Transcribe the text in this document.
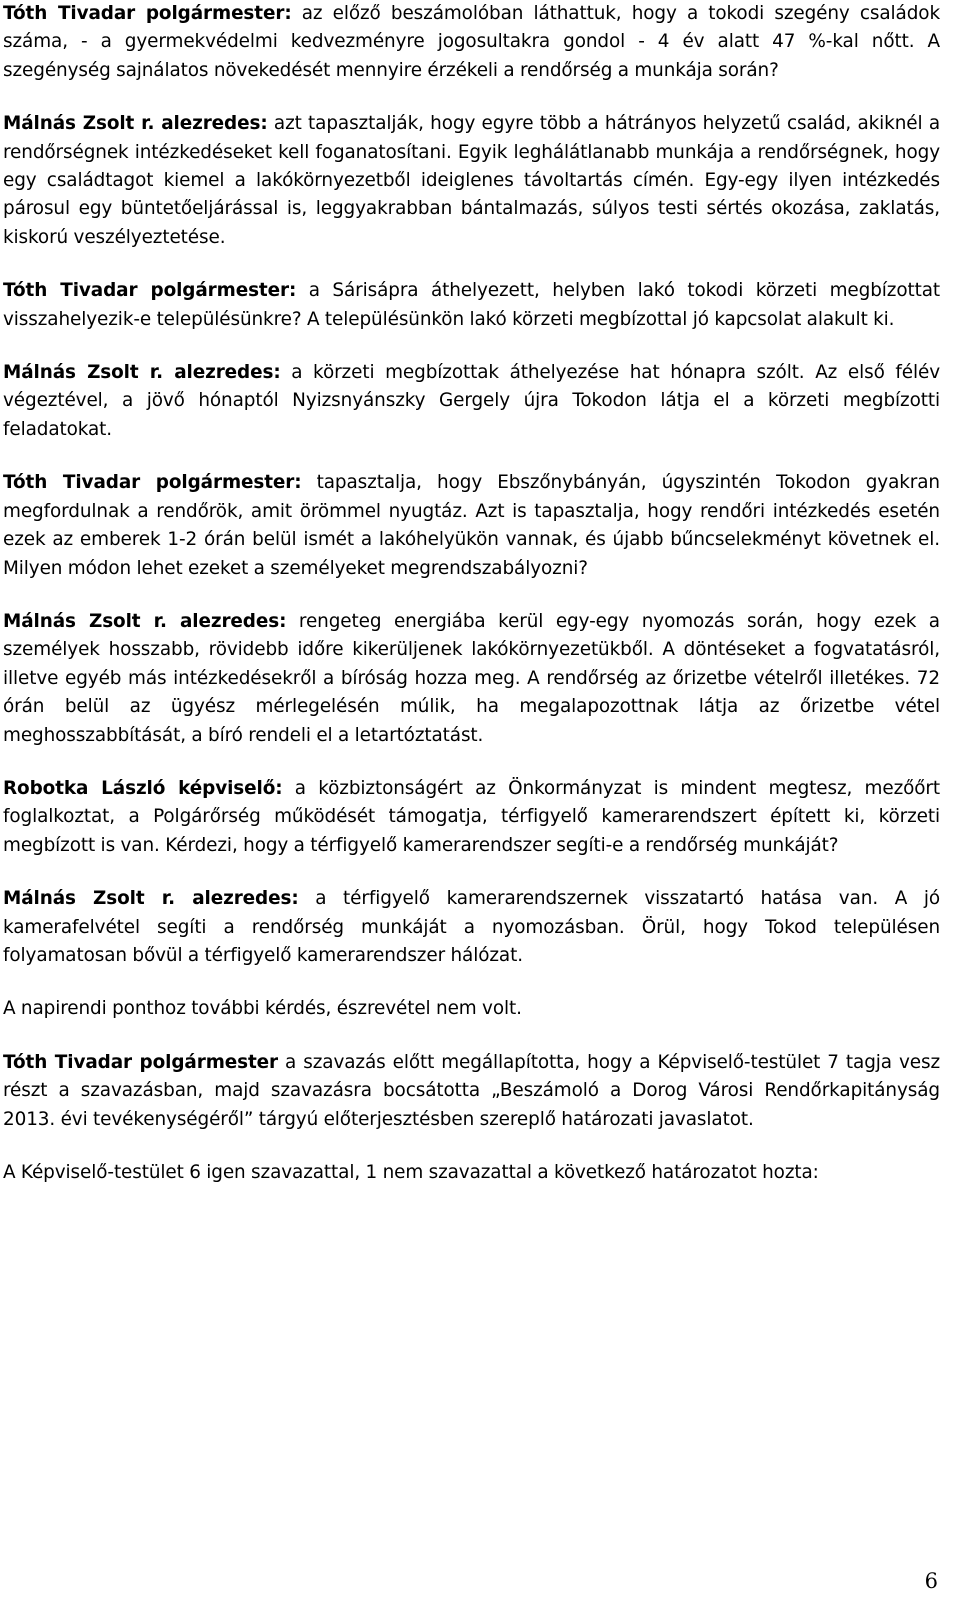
Tóth Tivadar polgármester: az előző beszámolóban láthattuk, hogy a tokodi szegény családok száma, - a gyermekvédelmi kedvezményre jogosultakra gondol - 4 év alatt 47 %-kal nőtt. A szegénység sajnálatos növekedését mennyire érzékeli a rendőrség a munkája során?

Málnás Zsolt r. alezredes: azt tapasztalják, hogy egyre több a hátrányos helyzetű család, akiknél a rendőrségnek intézkedéseket kell foganatosítani. Egyik leghálátlanabb munkája a rendőrségnek, hogy egy családtagot kiemel a lakókörnyezetből ideiglenes távoltartás címén. Egy-egy ilyen intézkedés párosul egy büntetőeljárással is, leggyakrabban bántalmazás, súlyos testi sértés okozása, zaklatás, kiskorú veszélyeztetése.

Tóth Tivadar polgármester: a Sárisápra áthelyezett, helyben lakó tokodi körzeti megbízottat visszahelyezik-e településünkre? A településünkön lakó körzeti megbízottal jó kapcsolat alakult ki.

Málnás Zsolt r. alezredes: a körzeti megbízottak áthelyezése hat hónapra szólt. Az első félév végeztével, a jövő hónaptól Nyizsnyánszky Gergely újra Tokodon látja el a körzeti megbízotti feladatokat.

Tóth Tivadar polgármester: tapasztalja, hogy Ebszőnybányán, úgyszintén Tokodon gyakran megfordulnak a rendőrök, amit örömmel nyugtáz. Azt is tapasztalja, hogy rendőri intézkedés esetén ezek az emberek 1-2 órán belül ismét a lakóhelyükön vannak, és újabb bűncselekményt követnek el. Milyen módon lehet ezeket a személyeket megrendszabályozni?

Málnás Zsolt r. alezredes: rengeteg energiába kerül egy-egy nyomozás során, hogy ezek a személyek hosszabb, rövidebb időre kikerüljenek lakókörnyezetükből. A döntéseket a fogvatatásról, illetve egyéb más intézkedésekről a bíróság hozza meg. A rendőrség az őrizetbe vételről illetékes. 72 órán belül az ügyész mérlegelésén múlik, ha megalapozottnak látja az őrizetbe vétel meghosszabbítását, a bíró rendeli el a letartóztatást.

Robotka László képviselő: a közbiztonságért az Önkormányzat is mindent megtesz, mezőőrt foglalkoztat, a Polgárőrség működését támogatja, térfigyelő kamerarendszert épített ki, körzeti megbízott is van. Kérdezi, hogy a térfigyelő kamerarendszer segíti-e a rendőrség munkáját?

Málnás Zsolt r. alezredes: a térfigyelő kamerarendszernek visszatartó hatása van. A jó kamerafelvétel segíti a rendőrség munkáját a nyomozásban. Örül, hogy Tokod településen folyamatosan bővül a térfigyelő kamerarendszer hálózat.

A napirendi ponthoz további kérdés, észrevétel nem volt.

Tóth Tivadar polgármester a szavazás előtt megállapította, hogy a Képviselő-testület 7 tagja vesz részt a szavazásban, majd szavazásra bocsátotta „Beszámoló a Dorog Városi Rendőrkapitányság 2013. évi tevékenységéről” tárgyú előterjesztésben szereplő határozati javaslatot.

A Képviselő-testület 6 igen szavazattal, 1 nem szavazattal a következő határozatot hozta:

6
